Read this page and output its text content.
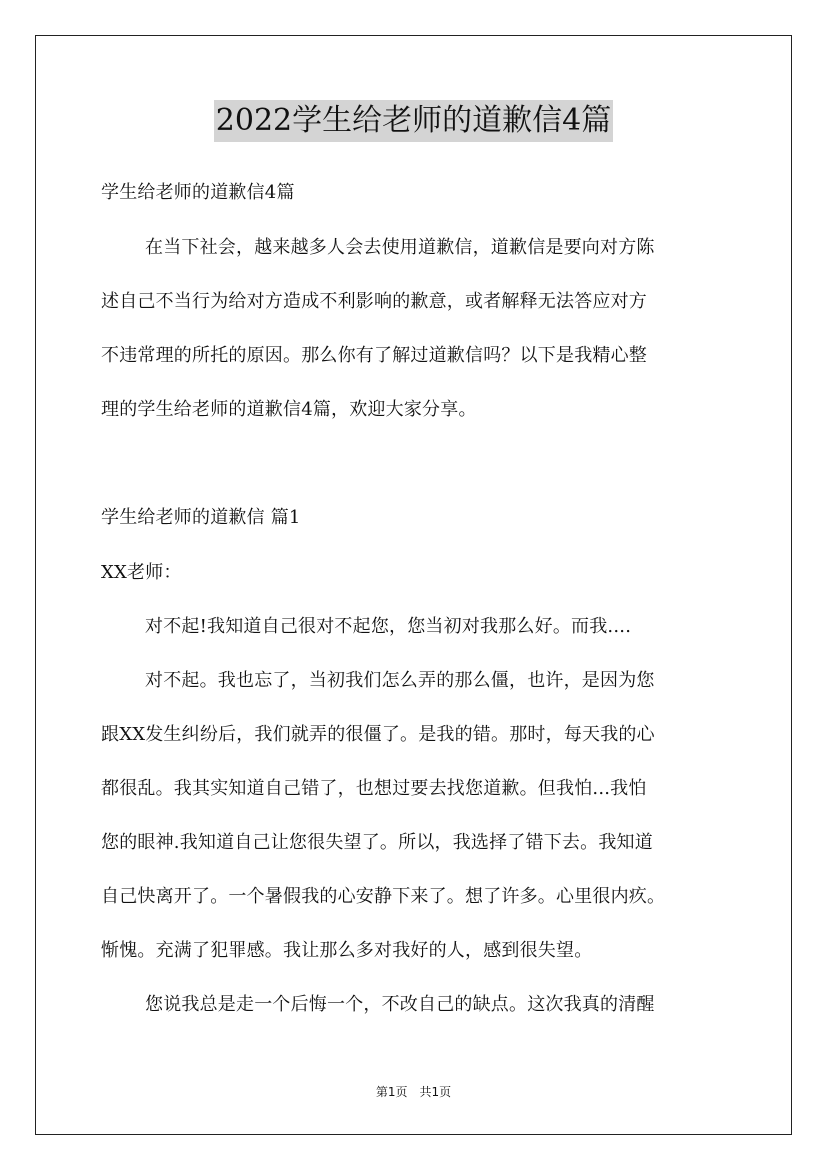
2022学生给老师的道歉信4篇
学生给老师的道歉信4篇
在当下社会，越来越多人会去使用道歉信，道歉信是要向对方陈
述自己不当行为给对方造成不利影响的歉意，或者解释无法答应对方
不违常理的所托的原因。那么你有了解过道歉信吗？以下是我精心整
理的学生给老师的道歉信4篇，欢迎大家分享。
学生给老师的道歉信 篇1
XX老师：
对不起!我知道自己很对不起您，您当初对我那么好。而我....
对不起。我也忘了，当初我们怎么弄的那么僵，也许，是因为您
跟XX发生纠纷后，我们就弄的很僵了。是我的错。那时，每天我的心
都很乱。我其实知道自己错了，也想过要去找您道歉。但我怕...我怕
您的眼神.我知道自己让您很失望了。所以，我选择了错下去。我知道
自己快离开了。一个暑假我的心安静下来了。想了许多。心里很内疚。
惭愧。充满了犯罪感。我让那么多对我好的人，感到很失望。
您说我总是走一个后悔一个，不改自己的缺点。这次我真的清醒
第1页　共1页
